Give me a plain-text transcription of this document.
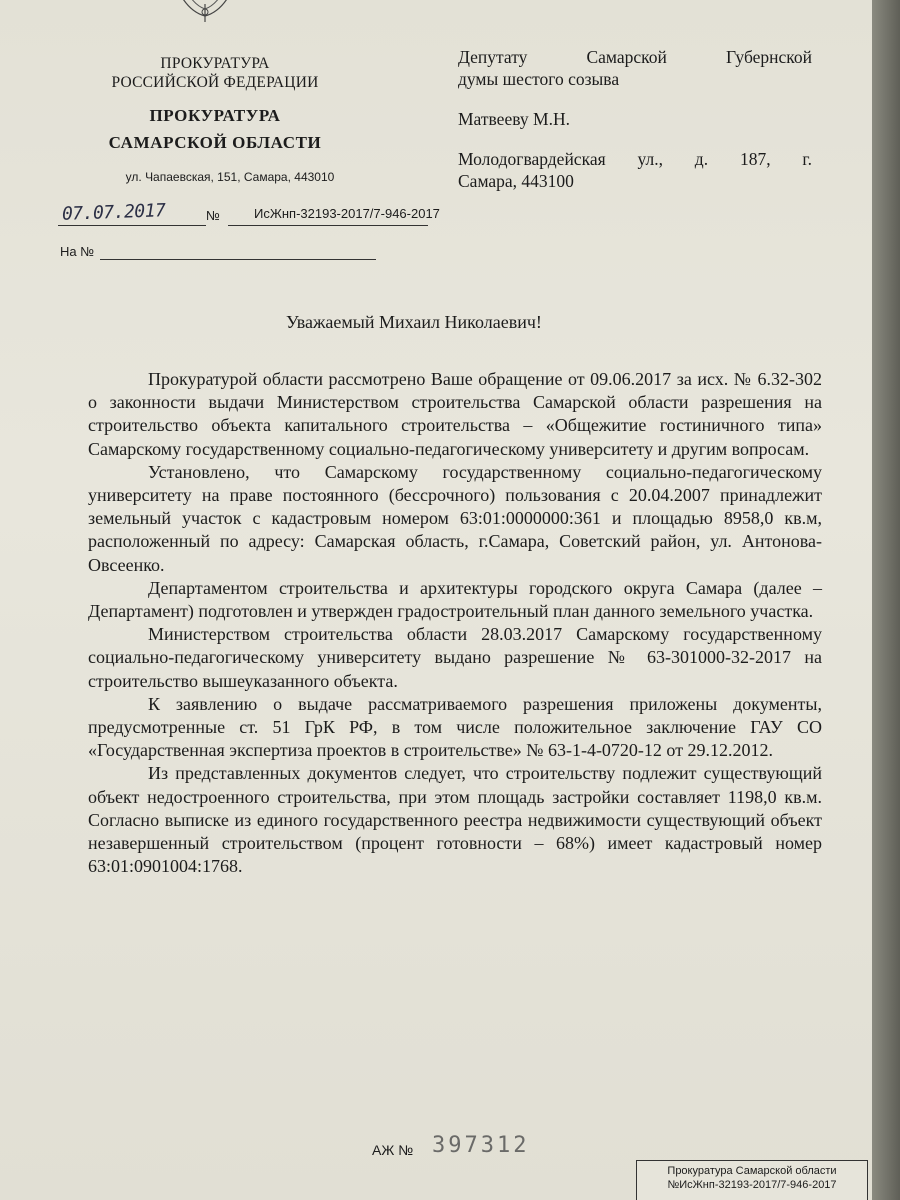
ПРОКУРАТУРА
РОССИЙСКОЙ ФЕДЕРАЦИИ
ПРОКУРАТУРА
САМАРСКОЙ ОБЛАСТИ
ул. Чапаевская, 151, Самара, 443010
07.07.2017	№	ИсЖнп-32193-2017/7-946-2017
На №

Депутату Самарской Губернской

думы шестого созыва

Матвееву М.Н.

Молодогвардейская ул., д. 187, г.

Самара, 443100

Уважаемый Михаил Николаевич!

Прокуратурой области рассмотрено Ваше обращение от 09.06.2017 за исх. № 6.32-302 о законности выдачи Министерством строительства Самарской области разрешения на строительство объекта капитального строительства – «Общежитие гостиничного типа» Самарскому государственному социально-педагогическому университету и другим вопросам.

Установлено, что Самарскому государственному социально-педагогическому университету на праве постоянного (бессрочного) пользования с 20.04.2007 принадлежит земельный участок с кадастровым номером 63:01:0000000:361 и площадью 8958,0 кв.м, расположенный по адресу: Самарская область, г.Самара, Советский район, ул. Антонова-Овсеенко.

Департаментом строительства и архитектуры городского округа Самара (далее – Департамент) подготовлен и утвержден градостроительный план данного земельного участка.

Министерством строительства области 28.03.2017 Самарскому государственному социально-педагогическому университету выдано разрешение № 63-301000-32-2017 на строительство вышеуказанного объекта.

К заявлению о выдаче рассматриваемого разрешения приложены документы, предусмотренные ст. 51 ГрК РФ, в том числе положительное заключение ГАУ СО «Государственная экспертиза проектов в строительстве» № 63-1-4-0720-12 от 29.12.2012.

Из представленных документов следует, что строительству подлежит существующий объект недостроенного строительства, при этом площадь застройки составляет 1198,0 кв.м. Согласно выписке из единого государственного реестра недвижимости существующий объект незавершенный строительством (процент готовности – 68%) имеет кадастровый номер 63:01:0901004:1768.

АЖ № 397312
Прокуратура Самарской области
№ИсЖнп-32193-2017/7-946-2017
